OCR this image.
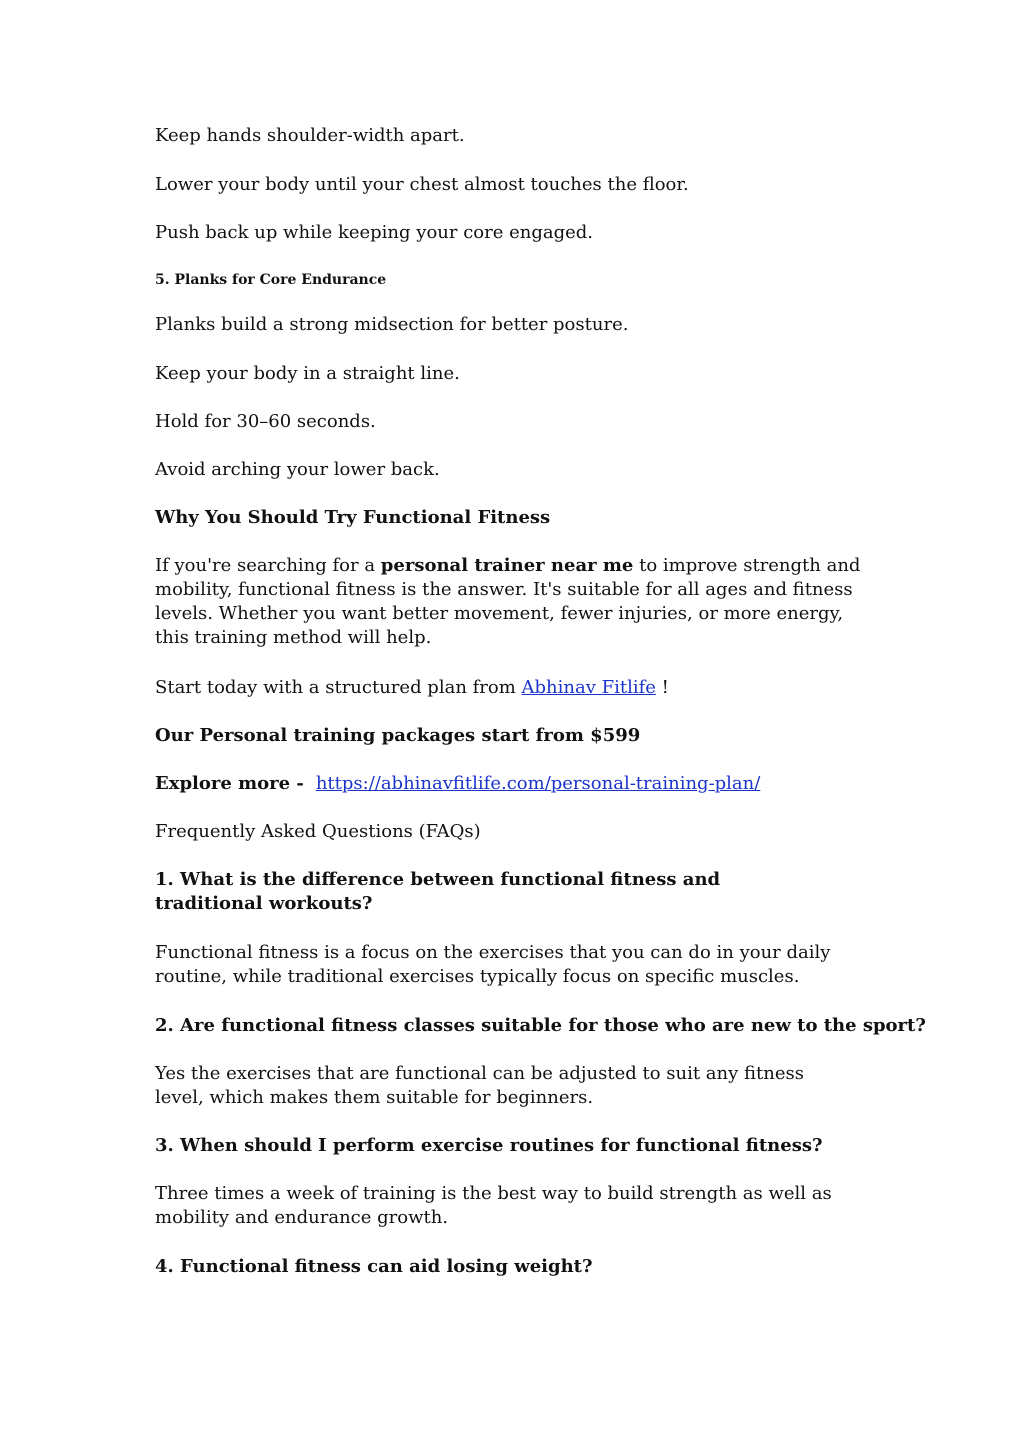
Keep hands shoulder-width apart.
Lower your body until your chest almost touches the floor.
Push back up while keeping your core engaged.
5. Planks for Core Endurance
Planks build a strong midsection for better posture.
Keep your body in a straight line.
Hold for 30–60 seconds.
Avoid arching your lower back.
Why You Should Try Functional Fitness
If you're searching for a personal trainer near me to improve strength and mobility, functional fitness is the answer. It's suitable for all ages and fitness levels. Whether you want better movement, fewer injuries, or more energy, this training method will help.
Start today with a structured plan from Abhinav Fitlife !
Our Personal training packages start from $599
Explore more -  https://abhinavfitlife.com/personal-training-plan/
Frequently Asked Questions (FAQs)
1. What is the difference between functional fitness and traditional workouts?
Functional fitness is a focus on the exercises that you can do in your daily routine, while traditional exercises typically focus on specific muscles.
2. Are functional fitness classes suitable for those who are new to the sport?
Yes the exercises that are functional can be adjusted to suit any fitness level, which makes them suitable for beginners.
3. When should I perform exercise routines for functional fitness?
Three times a week of training is the best way to build strength as well as mobility and endurance growth.
4. Functional fitness can aid losing weight?
